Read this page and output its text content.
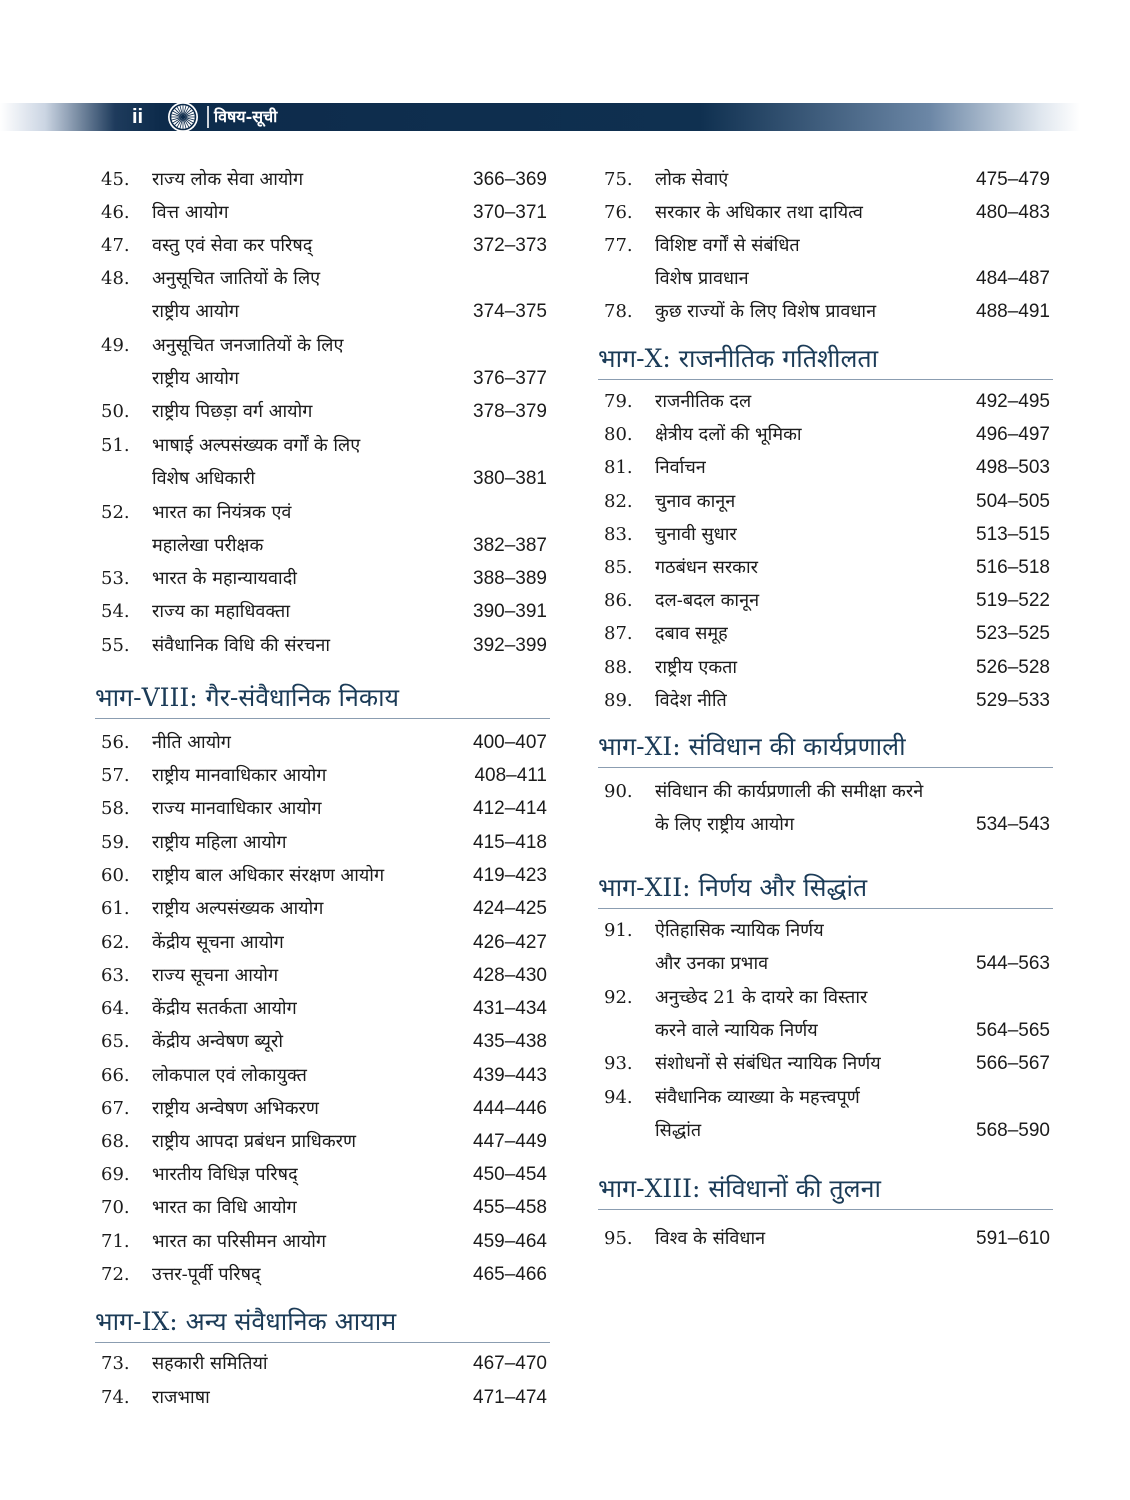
ii	विषय-सूची
45.	राज्य लोक सेवा आयोग	366–369
46.	वित्त आयोग	370–371
47.	वस्तु एवं सेवा कर परिषद्	372–373
48.	अनुसूचित जातियों के लिए
राष्ट्रीय आयोग	374–375
49.	अनुसूचित जनजातियों के लिए
राष्ट्रीय आयोग	376–377
50.	राष्ट्रीय पिछड़ा वर्ग आयोग	378–379
51.	भाषाई अल्पसंख्यक वर्गों के लिए
विशेष अधिकारी	380–381
52.	भारत का नियंत्रक एवं
महालेखा परीक्षक	382–387
53.	भारत के महान्यायवादी	388–389
54.	राज्य का महाधिवक्ता	390–391
55.	संवैधानिक विधि की संरचना	392–399
भाग-VIII: गैर-संवैधानिक निकाय
56.	नीति आयोग	400–407
57.	राष्ट्रीय मानवाधिकार आयोग	408–411
58.	राज्य मानवाधिकार आयोग	412–414
59.	राष्ट्रीय महिला आयोग	415–418
60.	राष्ट्रीय बाल अधिकार संरक्षण आयोग	419–423
61.	राष्ट्रीय अल्पसंख्यक आयोग	424–425
62.	केंद्रीय सूचना आयोग	426–427
63.	राज्य सूचना आयोग	428–430
64.	केंद्रीय सतर्कता आयोग	431–434
65.	केंद्रीय अन्वेषण ब्यूरो	435–438
66.	लोकपाल एवं लोकायुक्त	439–443
67.	राष्ट्रीय अन्वेषण अभिकरण	444–446
68.	राष्ट्रीय आपदा प्रबंधन प्राधिकरण	447–449
69.	भारतीय विधिज्ञ परिषद्	450–454
70.	भारत का विधि आयोग	455–458
71.	भारत का परिसीमन आयोग	459–464
72.	उत्तर-पूर्वी परिषद्	465–466
भाग-IX: अन्य संवैधानिक आयाम
73.	सहकारी समितियां	467–470
74.	राजभाषा	471–474
75.	लोक सेवाएं	475–479
76.	सरकार के अधिकार तथा दायित्व	480–483
77.	विशिष्ट वर्गों से संबंधित
विशेष प्रावधान	484–487
78.	कुछ राज्यों के लिए विशेष प्रावधान	488–491
भाग-X: राजनीतिक गतिशीलता
79.	राजनीतिक दल	492–495
80.	क्षेत्रीय दलों की भूमिका	496–497
81.	निर्वाचन	498–503
82.	चुनाव कानून	504–505
83.	चुनावी सुधार	513–515
85.	गठबंधन सरकार	516–518
86.	दल-बदल कानून	519–522
87.	दबाव समूह	523–525
88.	राष्ट्रीय एकता	526–528
89.	विदेश नीति	529–533
भाग-XI: संविधान की कार्यप्रणाली
90.	संविधान की कार्यप्रणाली की समीक्षा करने
के लिए राष्ट्रीय आयोग	534–543
भाग-XII: निर्णय और सिद्धांत
91.	ऐतिहासिक न्यायिक निर्णय
और उनका प्रभाव	544–563
92.	अनुच्छेद 21 के दायरे का विस्तार
करने वाले न्यायिक निर्णय	564–565
93.	संशोधनों से संबंधित न्यायिक निर्णय	566–567
94.	संवैधानिक व्याख्या के महत्त्वपूर्ण
सिद्धांत	568–590
भाग-XIII: संविधानों की तुलना
95.	विश्व के संविधान	591–610
